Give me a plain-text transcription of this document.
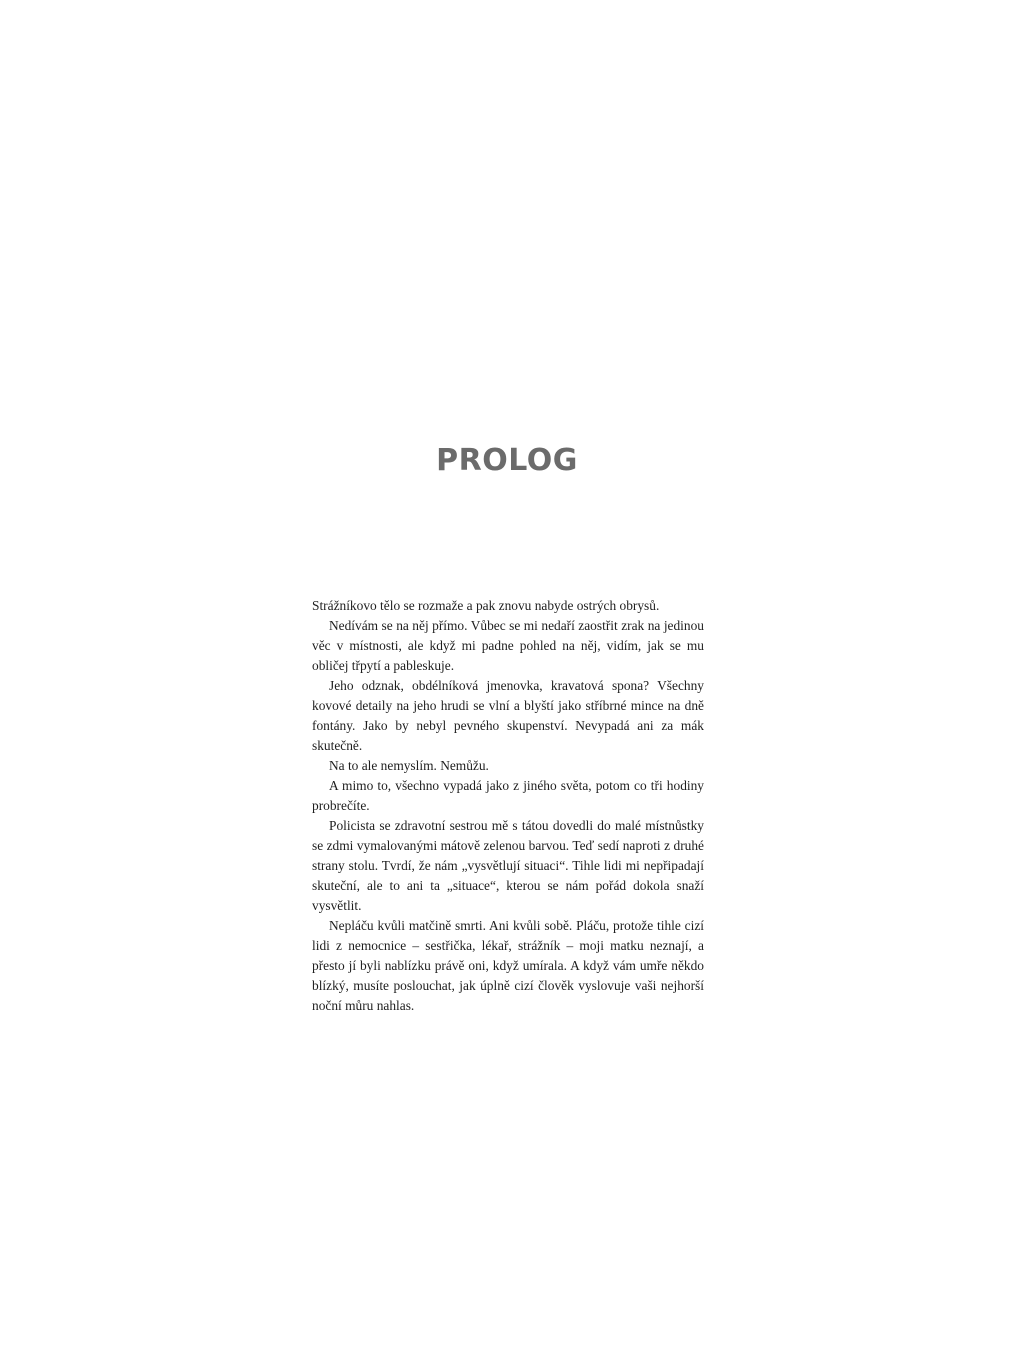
PROLOG

Strážníkovo tělo se rozmaže a pak znovu nabyde ostrých obrysů.

Nedívám se na něj přímo. Vůbec se mi nedaří zaostřit zrak na jedinou věc v místnosti, ale když mi padne pohled na něj, vidím, jak se mu obličej třpytí a pableskuje.

Jeho odznak, obdélníková jmenovka, kravatová spona? Všechny kovové detaily na jeho hrudi se vlní a blyští jako stříbrné mince na dně fontány. Jako by nebyl pevného skupenství. Nevypadá ani za mák skutečně.

Na to ale nemyslím. Nemůžu.

A mimo to, všechno vypadá jako z jiného světa, potom co tři hodiny probrečíte.

Policista se zdravotní sestrou mě s tátou dovedli do malé místnůstky se zdmi vymalovanými mátově zelenou barvou. Teď sedí naproti z druhé strany stolu. Tvrdí, že nám „vysvětlují situaci“. Tihle lidi mi nepřipadají skuteční, ale to ani ta „situace“, kterou se nám pořád dokola snaží vysvětlit.

Nepláču kvůli matčině smrti. Ani kvůli sobě. Pláču, protože tihle cizí lidi z nemocnice – sestřička, lékař, strážník – moji matku neznají, a přesto jí byli nablízku právě oni, když umírala. A když vám umře někdo blízký, musíte poslouchat, jak úplně cizí člověk vyslovuje vaši nejhorší noční můru nahlas.
